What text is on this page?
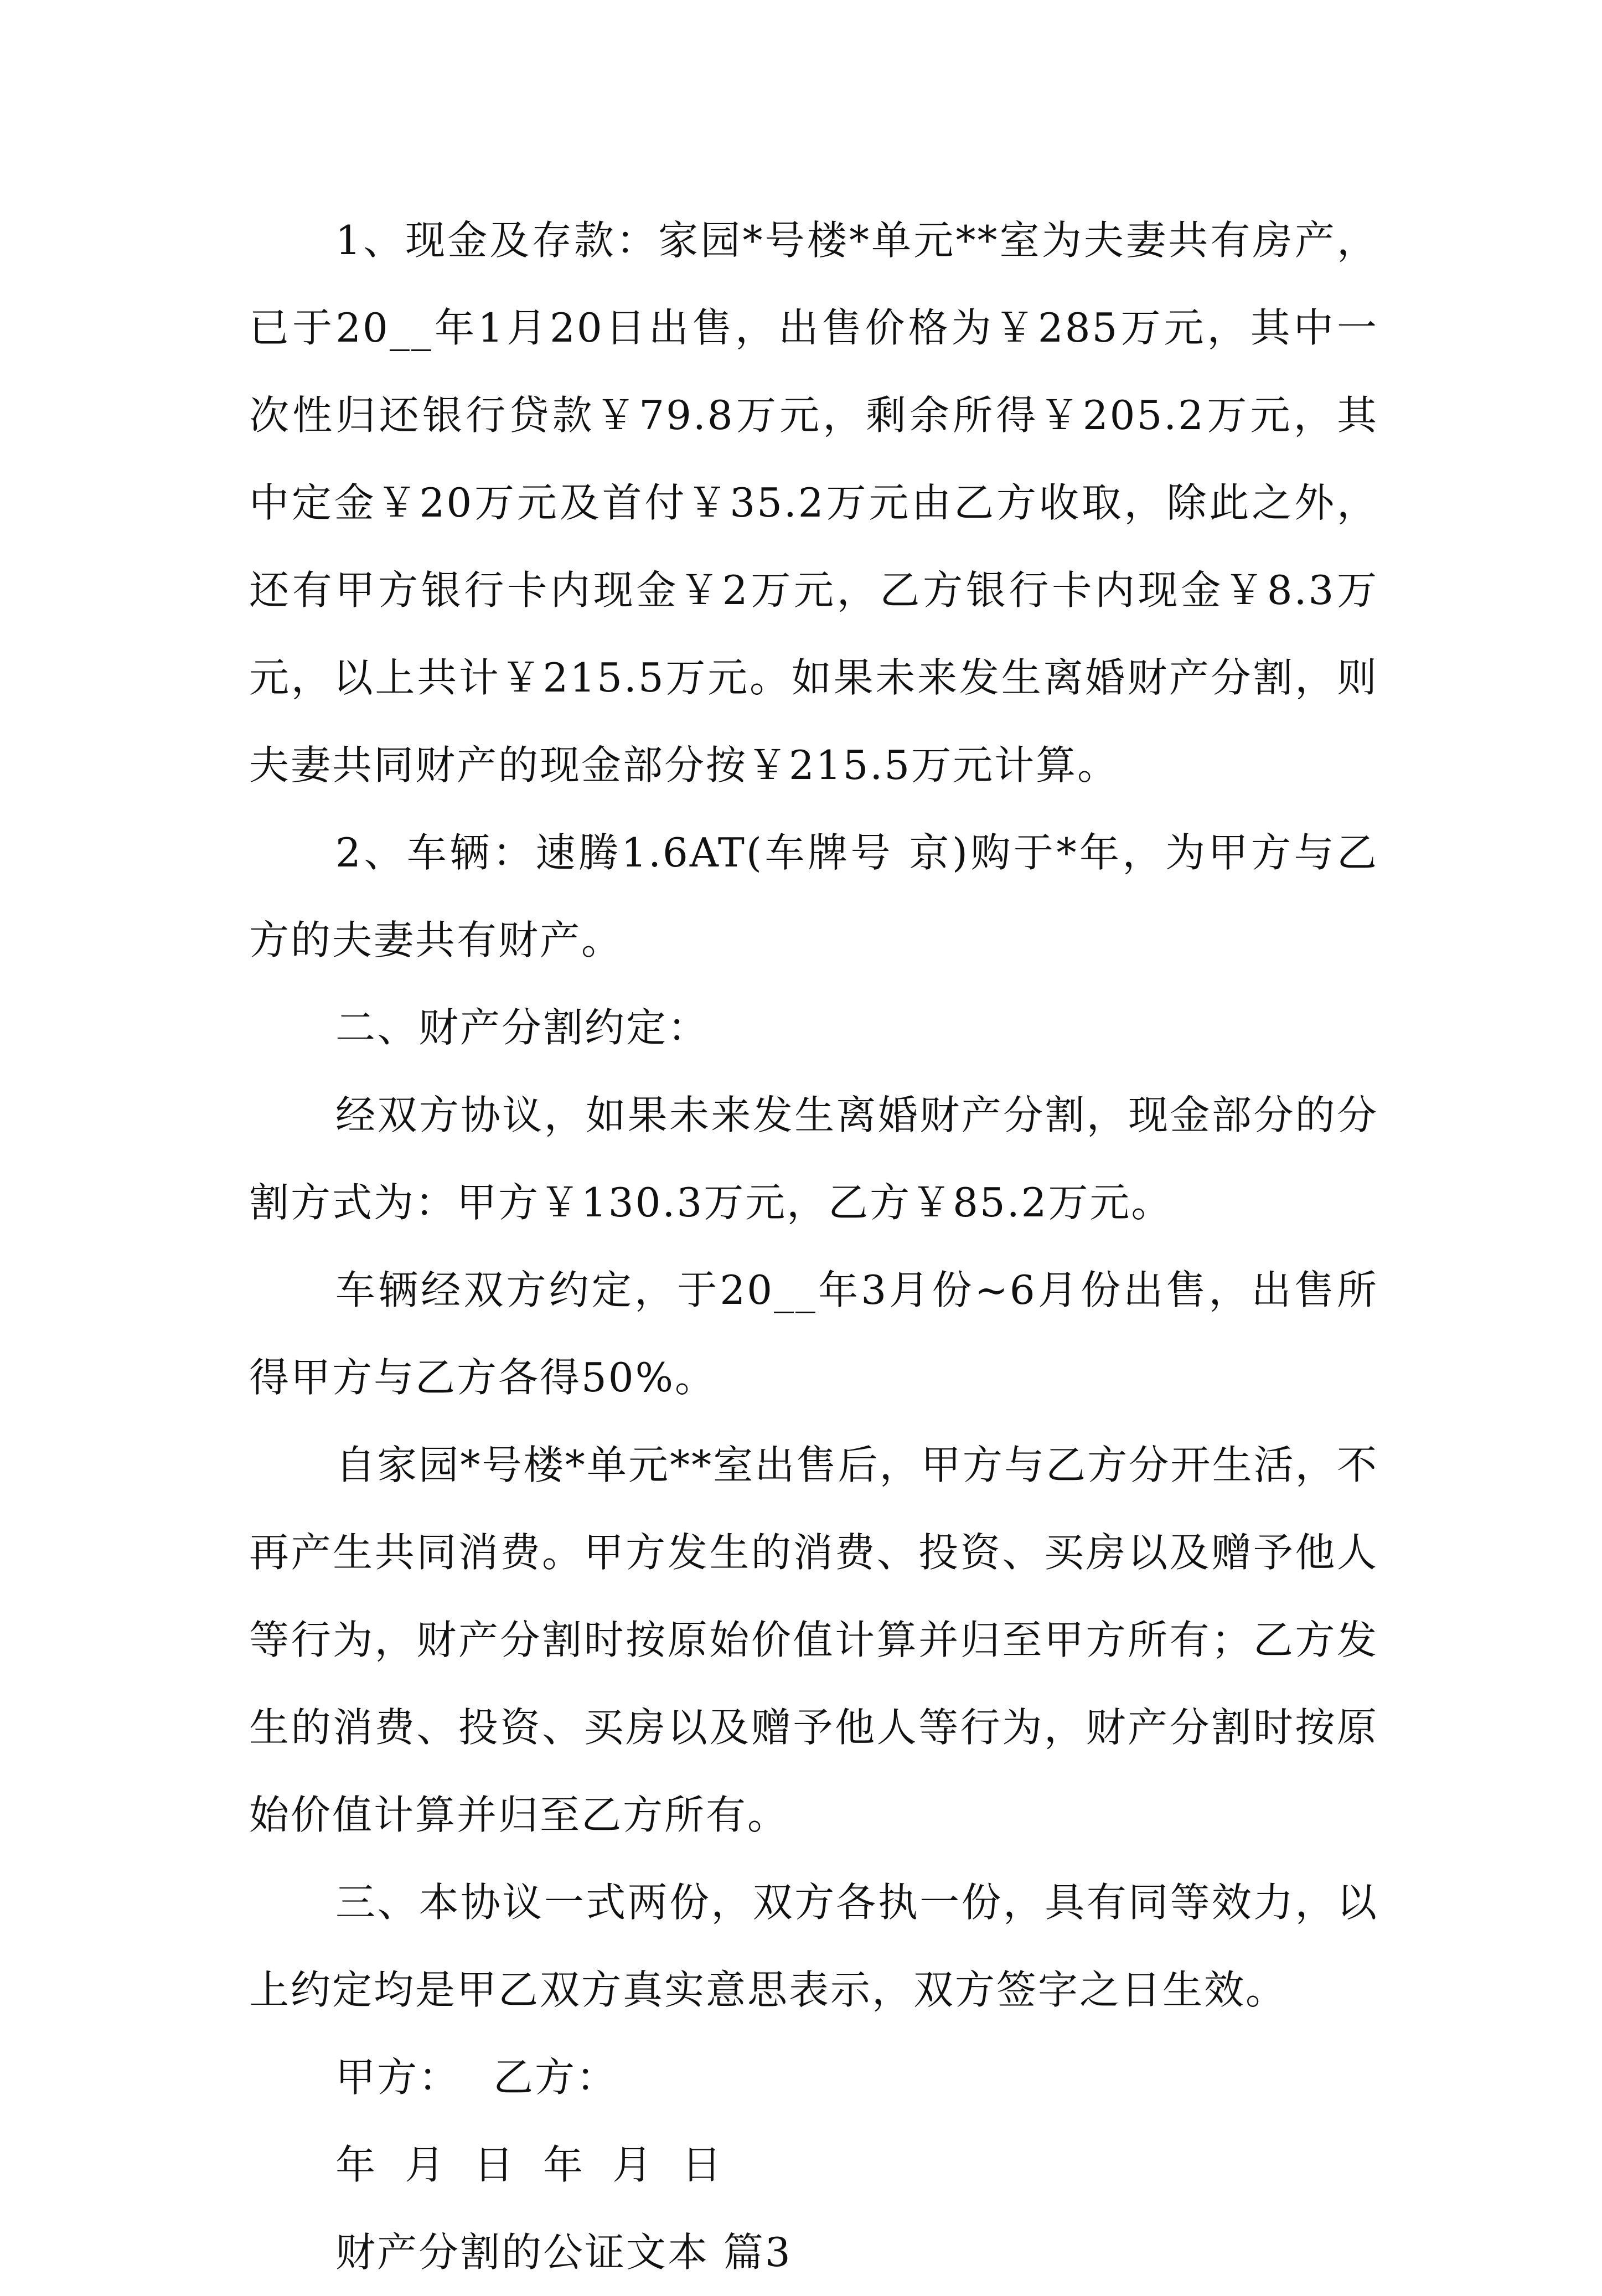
1、现金及存款：家园*号楼*单元**室为夫妻共有房产，已于20__年1月20日出售，出售价格为￥285万元，其中一次性归还银行贷款￥79.8万元，剩余所得￥205.2万元，其中定金￥20万元及首付￥35.2万元由乙方收取，除此之外，还有甲方银行卡内现金￥2万元，乙方银行卡内现金￥8.3万元，以上共计￥215.5万元。如果未来发生离婚财产分割，则夫妻共同财产的现金部分按￥215.5万元计算。

2、车辆：速腾1.6AT(车牌号 京)购于*年，为甲方与乙方的夫妻共有财产。

二、财产分割约定：

经双方协议，如果未来发生离婚财产分割，现金部分的分割方式为：甲方￥130.3万元，乙方￥85.2万元。

车辆经双方约定，于20__年3月份~6月份出售，出售所得甲方与乙方各得50%。

自家园*号楼*单元**室出售后，甲方与乙方分开生活，不再产生共同消费。甲方发生的消费、投资、买房以及赠予他人等行为，财产分割时按原始价值计算并归至甲方所有；乙方发生的消费、投资、买房以及赠予他人等行为，财产分割时按原始价值计算并归至乙方所有。

三、本协议一式两份，双方各执一份，具有同等效力，以上约定均是甲乙双方真实意思表示，双方签字之日生效。

甲方： 乙方：

年 月 日 年 月 日

财产分割的公证文本 篇3
